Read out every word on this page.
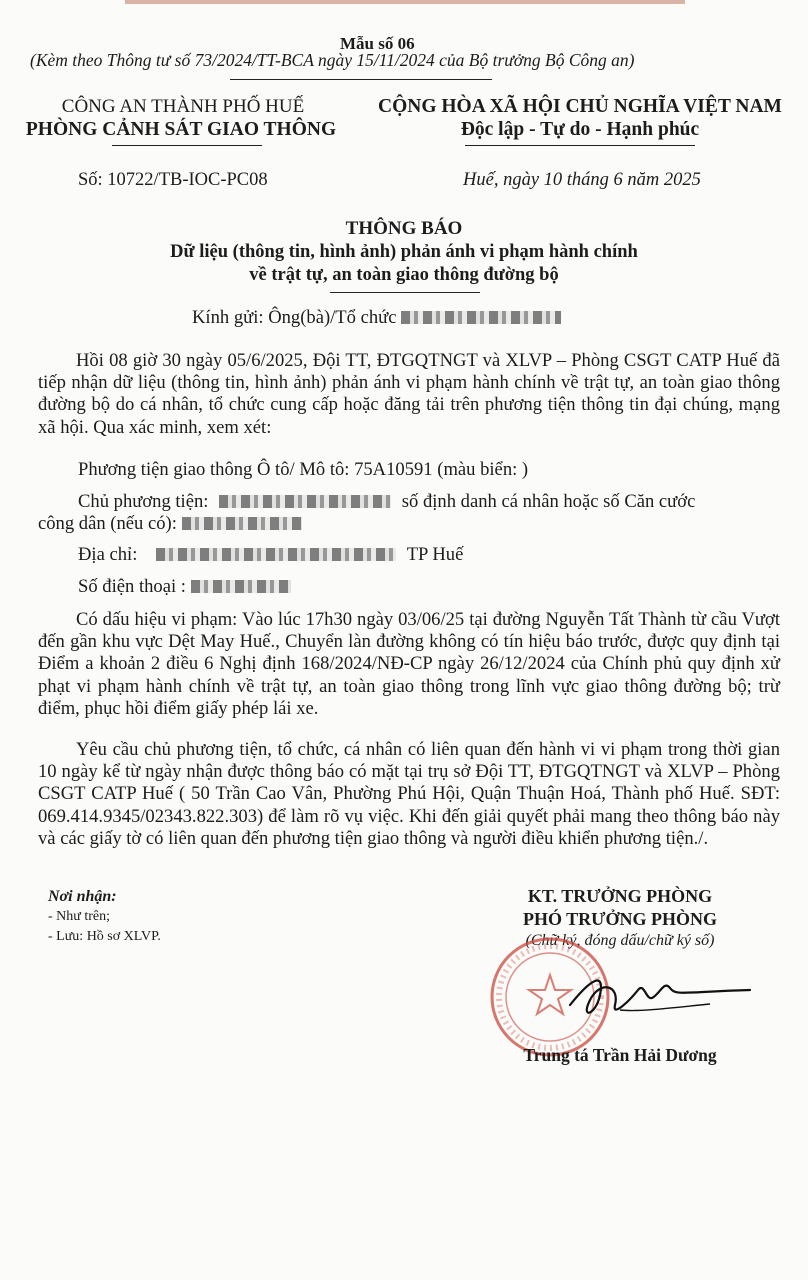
Mẫu số 06
(Kèm theo Thông tư số 73/2024/TT-BCA ngày 15/11/2024 của Bộ trưởng Bộ Công an)
CÔNG AN THÀNH PHỐ HUẾ
PHÒNG CẢNH SÁT GIAO THÔNG
CỘNG HÒA XÃ HỘI CHỦ NGHĨA VIỆT NAM
Độc lập - Tự do - Hạnh phúc
Số: 10722/TB-IOC-PC08	Huế, ngày 10 tháng 6 năm 2025
THÔNG BÁO
Dữ liệu (thông tin, hình ảnh) phản ánh vi phạm hành chính
về trật tự, an toàn giao thông đường bộ
Kính gửi: Ông(bà)/Tổ chức
Hồi 08 giờ 30 ngày 05/6/2025, Đội TT, ĐTGQTNGT và XLVP – Phòng CSGT CATP Huế đã tiếp nhận dữ liệu (thông tin, hình ảnh) phản ánh vi phạm hành chính về trật tự, an toàn giao thông đường bộ do cá nhân, tổ chức cung cấp hoặc đăng tải trên phương tiện thông tin đại chúng, mạng xã hội. Qua xác minh, xem xét:
Phương tiện giao thông Ô tô/ Mô tô: 75A10591 (màu biển: )
Chủ phương tiện:	số định danh cá nhân hoặc số Căn cước
công dân (nếu có):
Địa chỉ:	TP Huế
Số điện thoại :
Có dấu hiệu vi phạm: Vào lúc 17h30 ngày 03/06/25 tại đường Nguyễn Tất Thành từ cầu Vượt đến gần khu vực Dệt May Huế., Chuyển làn đường không có tín hiệu báo trước, được quy định tại Điểm a khoản 2 điều 6 Nghị định 168/2024/NĐ-CP ngày 26/12/2024 của Chính phủ quy định xử phạt vi phạm hành chính về trật tự, an toàn giao thông trong lĩnh vực giao thông đường bộ; trừ điểm, phục hồi điểm giấy phép lái xe.
Yêu cầu chủ phương tiện, tổ chức, cá nhân có liên quan đến hành vi vi phạm trong thời gian 10 ngày kể từ ngày nhận được thông báo có mặt tại trụ sở Đội TT, ĐTGQTNGT và XLVP – Phòng CSGT CATP Huế ( 50 Trần Cao Vân, Phường Phú Hội, Quận Thuận Hoá, Thành phố Huế. SĐT: 069.414.9345/02343.822.303) để làm rõ vụ việc. Khi đến giải quyết phải mang theo thông báo này và các giấy tờ có liên quan đến phương tiện giao thông và người điều khiển phương tiện./.
Nơi nhận:
- Như trên;
- Lưu: Hồ sơ XLVP.
KT. TRƯỞNG PHÒNG
PHÓ TRƯỞNG PHÒNG
(Chữ ký, đóng dấu/chữ ký số)
Trung tá Trần Hải Dương
